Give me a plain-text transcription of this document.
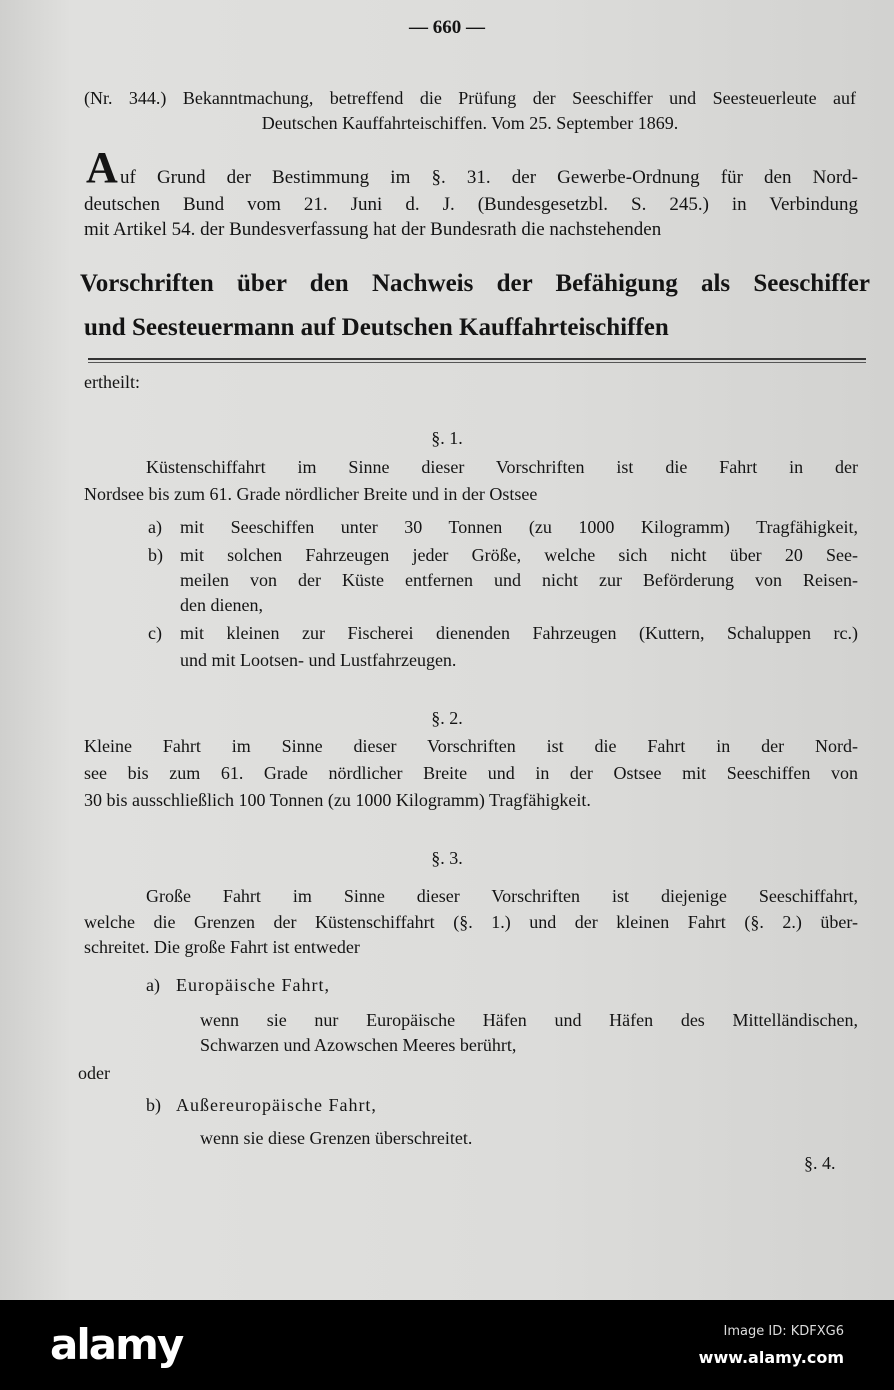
— 660 —
(Nr. 344.) Bekanntmachung, betreffend die Prüfung der Seeschiffer und Seesteuerleute auf
Deutschen Kauffahrteischiffen. Vom 25. September 1869.
A uf Grund der Bestimmung im §. 31. der Gewerbe-Ordnung für den Nord-
deutschen Bund vom 21. Juni d. J. (Bundesgesetzbl. S. 245.) in Verbindung
mit Artikel 54. der Bundesverfassung hat der Bundesrath die nachstehenden
Vorschriften über den Nachweis der Befähigung als Seeschiffer
und Seesteuermann auf Deutschen Kauffahrteischiffen
ertheilt:
§. 1.
Küstenschiffahrt im Sinne dieser Vorschriften ist die Fahrt in der
Nordsee bis zum 61. Grade nördlicher Breite und in der Ostsee
a) mit Seeschiffen unter 30 Tonnen (zu 1000 Kilogramm) Tragfähigkeit,
b) mit solchen Fahrzeugen jeder Größe, welche sich nicht über 20 See-
meilen von der Küste entfernen und nicht zur Beförderung von Reisen-
den dienen,
c) mit kleinen zur Fischerei dienenden Fahrzeugen (Kuttern, Schaluppen rc.)
und mit Lootsen- und Lustfahrzeugen.
§. 2.
Kleine Fahrt im Sinne dieser Vorschriften ist die Fahrt in der Nord-
see bis zum 61. Grade nördlicher Breite und in der Ostsee mit Seeschiffen von
30 bis ausschließlich 100 Tonnen (zu 1000 Kilogramm) Tragfähigkeit.
§. 3.
Große Fahrt im Sinne dieser Vorschriften ist diejenige Seeschiffahrt,
welche die Grenzen der Küstenschiffahrt (§. 1.) und der kleinen Fahrt (§. 2.) über-
schreitet. Die große Fahrt ist entweder
a) Europäische Fahrt,
wenn sie nur Europäische Häfen und Häfen des Mittelländischen,
Schwarzen und Azowschen Meeres berührt,
oder
b) Außereuropäische Fahrt,
wenn sie diese Grenzen überschreitet.
§. 4.
alamy	Image ID: KDFXG6
www.alamy.com
